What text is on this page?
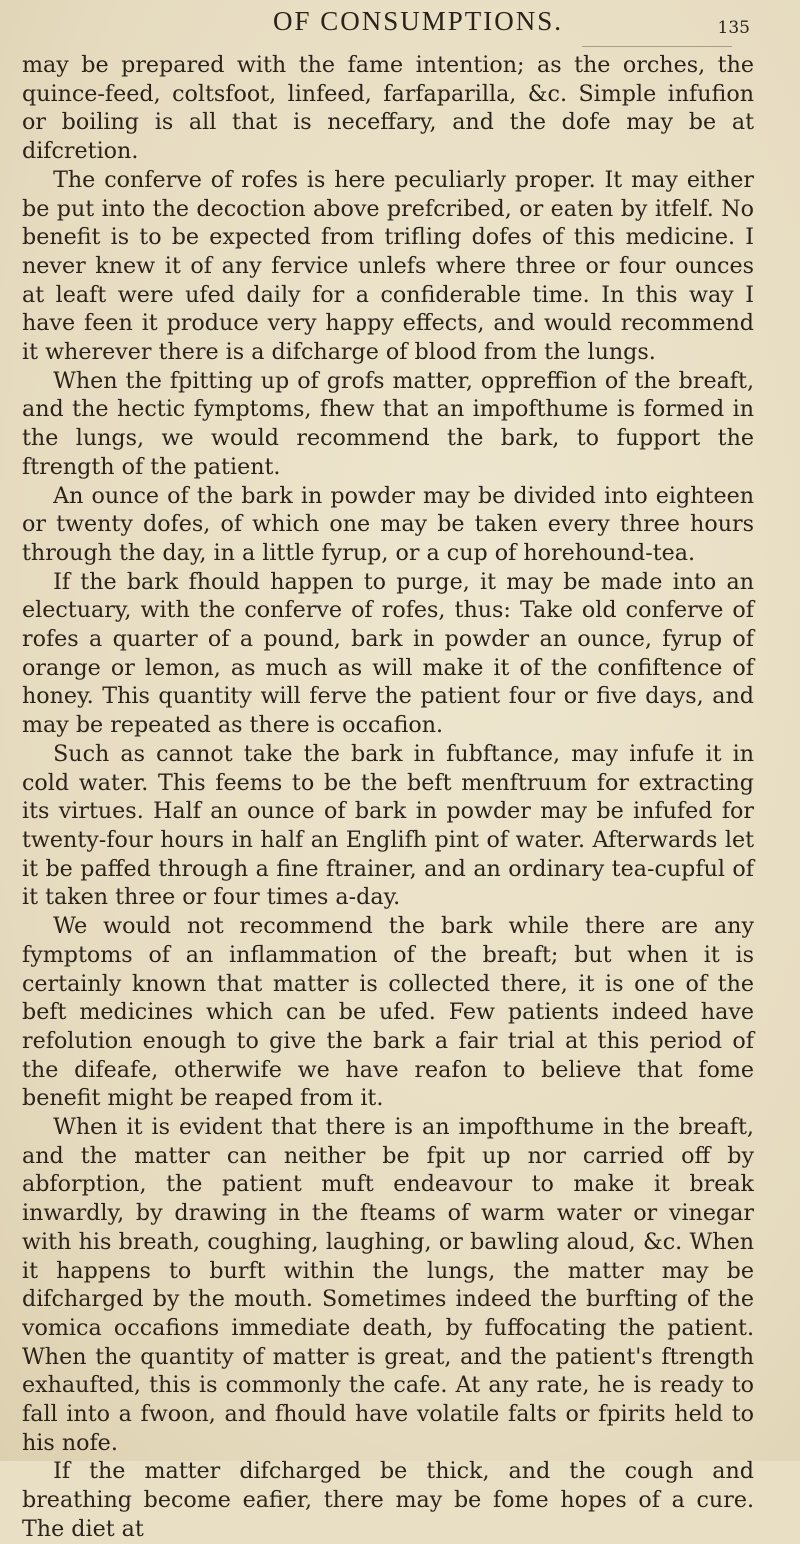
OF CONSUMPTIONS.	135

may be prepared with the fame intention; as the orches, the quince-feed, coltsfoot, linfeed, farfaparilla, &c. Simple infufion or boiling is all that is neceffary, and the dofe may be at difcretion.

The conferve of rofes is here peculiarly proper. It may either be put into the decoction above prefcribed, or eaten by itfelf. No benefit is to be expected from trifling dofes of this medicine. I never knew it of any fervice unlefs where three or four ounces at leaft were ufed daily for a confiderable time. In this way I have feen it produce very happy effects, and would recommend it wherever there is a difcharge of blood from the lungs.

When the fpitting up of grofs matter, oppreffion of the breaft, and the hectic fymptoms, fhew that an impofthume is formed in the lungs, we would recommend the bark, to fupport the ftrength of the patient.

An ounce of the bark in powder may be divided into eighteen or twenty dofes, of which one may be taken every three hours through the day, in a little fyrup, or a cup of horehound-tea.

If the bark fhould happen to purge, it may be made into an electuary, with the conferve of rofes, thus: Take old conferve of rofes a quarter of a pound, bark in powder an ounce, fyrup of orange or lemon, as much as will make it of the confiftence of honey. This quantity will ferve the patient four or five days, and may be repeated as there is occafion.

Such as cannot take the bark in fubftance, may infufe it in cold water. This feems to be the beft menftruum for extracting its virtues. Half an ounce of bark in powder may be infufed for twenty-four hours in half an Englifh pint of water. Afterwards let it be paffed through a fine ftrainer, and an ordinary tea-cupful of it taken three or four times a-day.

We would not recommend the bark while there are any fymptoms of an inflammation of the breaft; but when it is certainly known that matter is collected there, it is one of the beft medicines which can be ufed. Few patients indeed have refolution enough to give the bark a fair trial at this period of the difeafe, otherwife we have reafon to believe that fome benefit might be reaped from it.

When it is evident that there is an impofthume in the breaft, and the matter can neither be fpit up nor carried off by abforption, the patient muft endeavour to make it break inwardly, by drawing in the fteams of warm water or vinegar with his breath, coughing, laughing, or bawling aloud, &c. When it happens to burft within the lungs, the matter may be difcharged by the mouth. Sometimes indeed the burfting of the vomica occafions immediate death, by fuffocating the patient. When the quantity of matter is great, and the patient's ftrength exhaufted, this is commonly the cafe. At any rate, he is ready to fall into a fwoon, and fhould have volatile falts or fpirits held to his nofe.

If the matter difcharged be thick, and the cough and breathing become eafier, there may be fome hopes of a cure. The diet at
